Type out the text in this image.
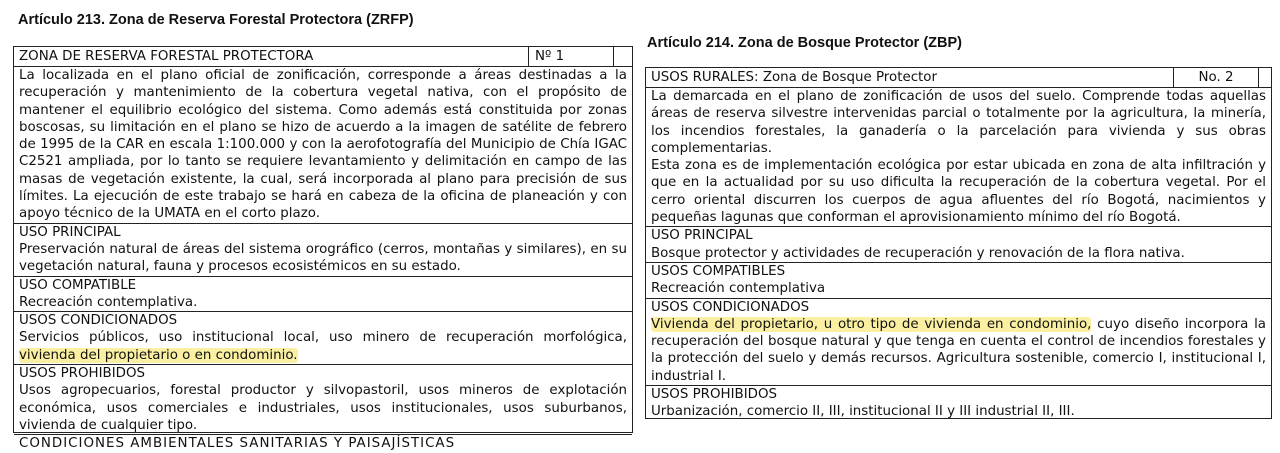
Artículo 213. Zona de Reserva Forestal Protectora (ZRFP)
ZONA DE RESERVA FORESTAL PROTECTORA	Nº 1
La localizada en el plano oficial de zonificación, corresponde a áreas destinadas a la recuperación y mantenimiento de la cobertura vegetal nativa, con el propósito de mantener el equilibrio ecológico del sistema. Como además está constituida por zonas boscosas, su limitación en el plano se hizo de acuerdo a la imagen de satélite de febrero de 1995 de la CAR en escala 1:100.000 y con la aerofotografía del Municipio de Chía IGAC C2521 ampliada, por lo tanto se requiere levantamiento y delimitación en campo de las masas de vegetación existente, la cual, será incorporada al plano para precisión de sus límites. La ejecución de este trabajo se hará en cabeza de la oficina de planeación y con apoyo técnico de la UMATA en el corto plazo.
USO PRINCIPAL
Preservación natural de áreas del sistema orográfico (cerros, montañas y similares), en su vegetación natural, fauna y procesos ecosistémicos en su estado.
USO COMPATIBLE
Recreación contemplativa.
USOS CONDICIONADOS
Servicios públicos, uso institucional local, uso minero de recuperación morfológica, vivienda del propietario o en condominio.
USOS PROHIBIDOS
Usos agropecuarios, forestal productor y silvopastoril, usos mineros de explotación económica, usos comerciales e industriales, usos institucionales, usos suburbanos, vivienda de cualquier tipo.
CONDICIONES AMBIENTALES SANITARIAS Y PAISAJÍSTICAS
Artículo 214. Zona de Bosque Protector (ZBP)
USOS RURALES: Zona de Bosque Protector	No. 2
La demarcada en el plano de zonificación de usos del suelo. Comprende todas aquellas áreas de reserva silvestre intervenidas parcial o totalmente por la agricultura, la minería, los incendios forestales, la ganadería o la parcelación para vivienda y sus obras complementarias.
Esta zona es de implementación ecológica por estar ubicada en zona de alta infiltración y que en la actualidad por su uso dificulta la recuperación de la cobertura vegetal. Por el cerro oriental discurren los cuerpos de agua afluentes del río Bogotá, nacimientos y pequeñas lagunas que conforman el aprovisionamiento mínimo del río Bogotá.
USO PRINCIPAL
Bosque protector y actividades de recuperación y renovación de la flora nativa.
USOS COMPATIBLES
Recreación contemplativa
USOS CONDICIONADOS
Vivienda del propietario, u otro tipo de vivienda en condominio, cuyo diseño incorpora la recuperación del bosque natural y que tenga en cuenta el control de incendios forestales y la protección del suelo y demás recursos. Agricultura sostenible, comercio I, institucional I, industrial I.
USOS PROHIBIDOS
Urbanización, comercio II, III, institucional II y III industrial II, III.
